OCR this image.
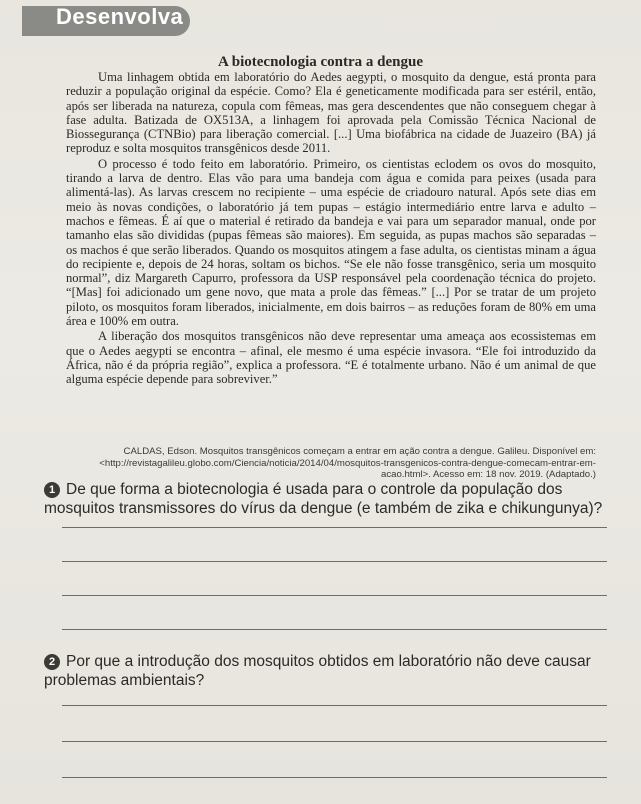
Desenvolva
A biotecnologia contra a dengue

Uma linhagem obtida em laboratório do Aedes aegypti, o mosquito da dengue, está pronta para reduzir a população original da espécie. Como? Ela é geneticamente modificada para ser estéril, então, após ser liberada na natureza, copula com fêmeas, mas gera descendentes que não conseguem chegar à fase adulta. Batizada de OX513A, a linhagem foi aprovada pela Comissão Técnica Nacional de Biossegurança (CTNBio) para liberação comercial. [...] Uma biofábrica na cidade de Juazeiro (BA) já reproduz e solta mosquitos transgênicos desde 2011.

O processo é todo feito em laboratório. Primeiro, os cientistas eclodem os ovos do mosquito, tirando a larva de dentro. Elas vão para uma bandeja com água e comida para peixes (usada para alimentá-las). As larvas crescem no recipiente – uma espécie de criadouro natural. Após sete dias em meio às novas condições, o laboratório já tem pupas – estágio intermediário entre larva e adulto – machos e fêmeas. É aí que o material é retirado da bandeja e vai para um separador manual, onde por tamanho elas são divididas (pupas fêmeas são maiores). Em seguida, as pupas machos são separadas – os machos é que serão liberados. Quando os mosquitos atingem a fase adulta, os cientistas minam a água do recipiente e, depois de 24 horas, soltam os bichos. “Se ele não fosse transgênico, seria um mosquito normal”, diz Margareth Capurro, professora da USP responsável pela coordenação técnica do projeto. “[Mas] foi adicionado um gene novo, que mata a prole das fêmeas.” [...] Por se tratar de um projeto piloto, os mosquitos foram liberados, inicialmente, em dois bairros – as reduções foram de 80% em uma área e 100% em outra.

A liberação dos mosquitos transgênicos não deve representar uma ameaça aos ecossistemas em que o Aedes aegypti se encontra – afinal, ele mesmo é uma espécie invasora. “Ele foi introduzido da África, não é da própria região”, explica a professora. “E é totalmente urbano. Não é um animal de que alguma espécie depende para sobreviver.”

CALDAS, Edson. Mosquitos transgênicos começam a entrar em ação contra a dengue. Galileu. Disponível em: <http://revistagalileu.globo.com/Ciencia/noticia/2014/04/mosquitos-transgenicos-contra-dengue-comecam-entrar-em-acao.html>. Acesso em: 18 nov. 2019. (Adaptado.)
1 De que forma a biotecnologia é usada para o controle da população dos mosquitos transmissores do vírus da dengue (e também de zika e chikungunya)?
2 Por que a introdução dos mosquitos obtidos em laboratório não deve causar problemas ambientais?
